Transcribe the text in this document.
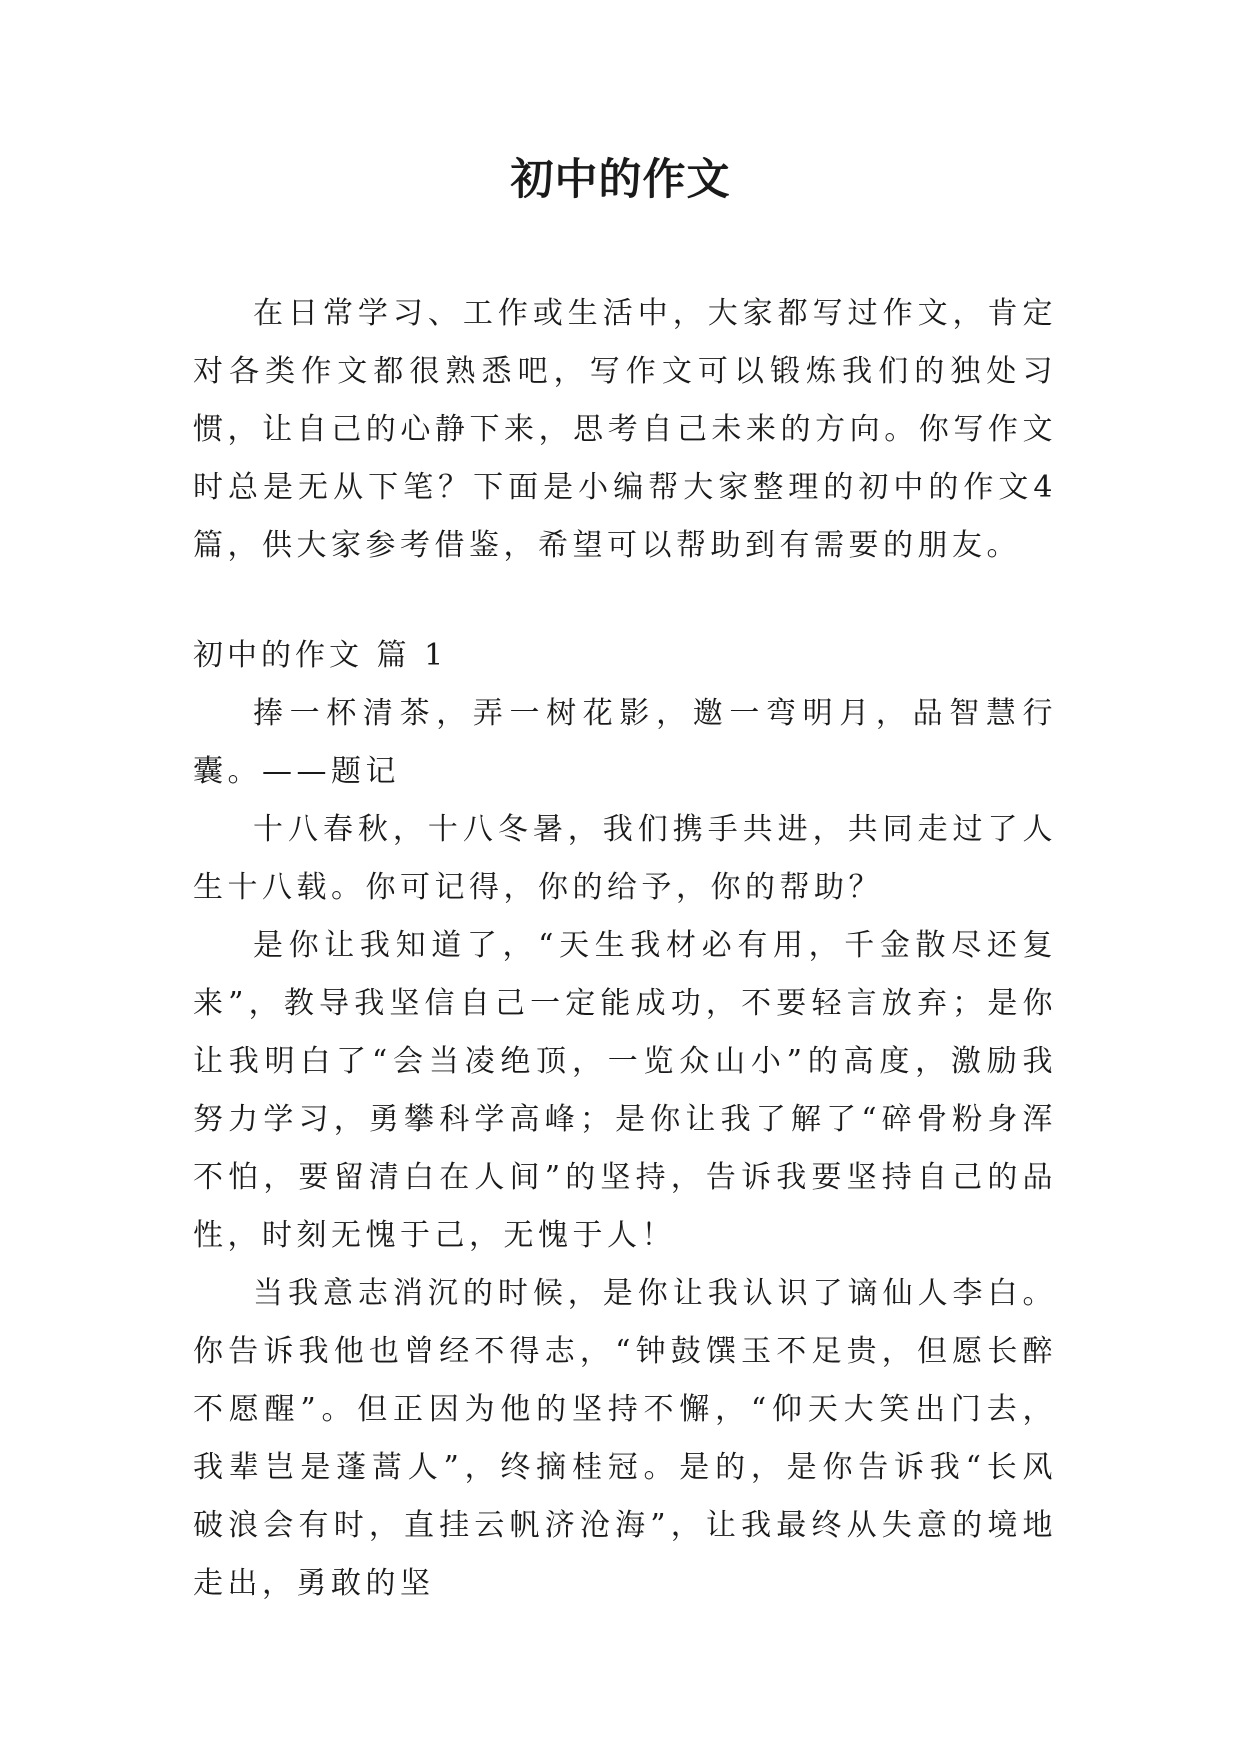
初中的作文

在日常学习、工作或生活中，大家都写过作文，肯定对各类作文都很熟悉吧，写作文可以锻炼我们的独处习惯，让自己的心静下来，思考自己未来的方向。你写作文时总是无从下笔？下面是小编帮大家整理的初中的作文4篇，供大家参考借鉴，希望可以帮助到有需要的朋友。

初中的作文 篇 1

捧一杯清茶，弄一树花影，邀一弯明月，品智慧行囊。——题记

十八春秋，十八冬暑，我们携手共进，共同走过了人生十八载。你可记得，你的给予，你的帮助？

是你让我知道了，“天生我材必有用，千金散尽还复来”，教导我坚信自己一定能成功，不要轻言放弃；是你让我明白了“会当凌绝顶，一览众山小”的高度，激励我努力学习，勇攀科学高峰；是你让我了解了“碎骨粉身浑不怕，要留清白在人间”的坚持，告诉我要坚持自己的品性，时刻无愧于己，无愧于人！

当我意志消沉的时候，是你让我认识了谪仙人李白。你告诉我他也曾经不得志，“钟鼓馔玉不足贵，但愿长醉不愿醒”。但正因为他的坚持不懈，“仰天大笑出门去，我辈岂是蓬蒿人”，终摘桂冠。是的，是你告诉我“长风破浪会有时，直挂云帆济沧海”，让我最终从失意的境地走出，勇敢的坚
